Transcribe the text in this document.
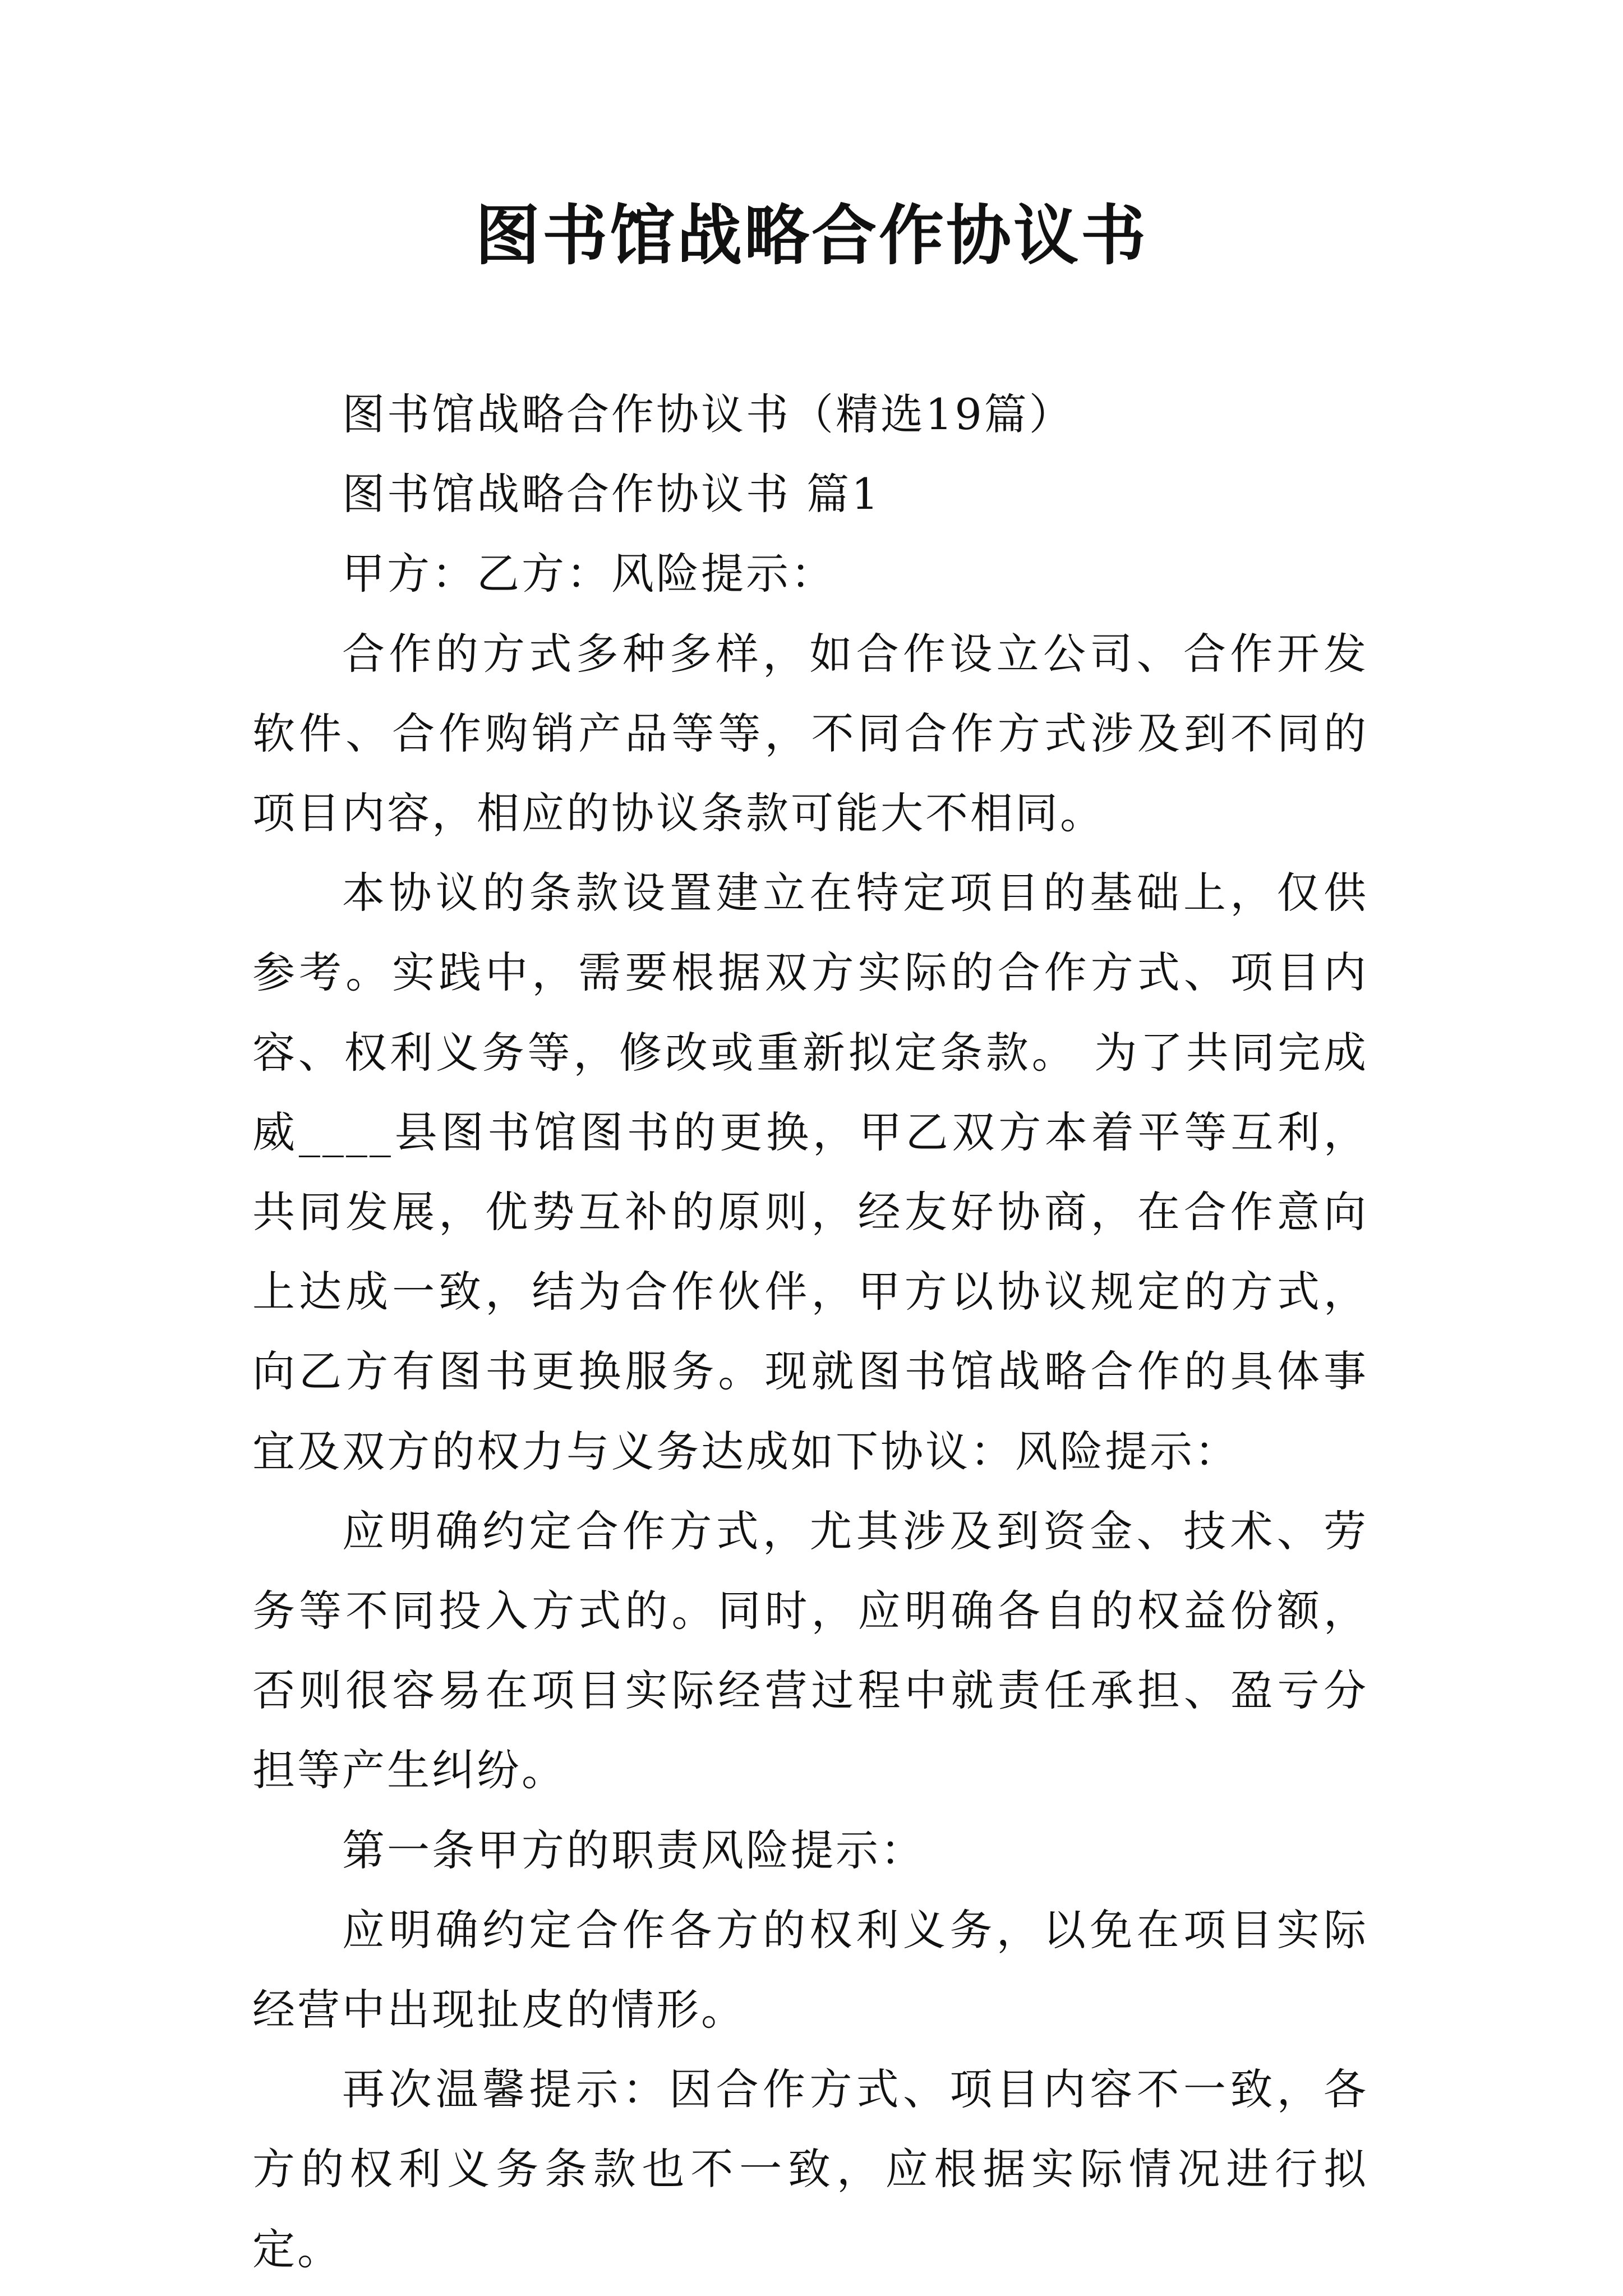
图书馆战略合作协议书

图书馆战略合作协议书（精选19篇）

图书馆战略合作协议书 篇1

甲方：乙方：风险提示：

合作的方式多种多样，如合作设立公司、合作开发软件、合作购销产品等等，不同合作方式涉及到不同的项目内容，相应的协议条款可能大不相同。

本协议的条款设置建立在特定项目的基础上，仅供参考。实践中，需要根据双方实际的合作方式、项目内容、权利义务等，修改或重新拟定条款。 为了共同完成威____县图书馆图书的更换，甲乙双方本着平等互利，共同发展，优势互补的原则，经友好协商，在合作意向上达成一致，结为合作伙伴，甲方以协议规定的方式，向乙方有图书更换服务。现就图书馆战略合作的具体事宜及双方的权力与义务达成如下协议：风险提示：

应明确约定合作方式，尤其涉及到资金、技术、劳务等不同投入方式的。同时，应明确各自的权益份额，否则很容易在项目实际经营过程中就责任承担、盈亏分担等产生纠纷。

第一条甲方的职责风险提示：

应明确约定合作各方的权利义务，以免在项目实际经营中出现扯皮的情形。

再次温馨提示：因合作方式、项目内容不一致，各方的权利义务条款也不一致，应根据实际情况进行拟定。
